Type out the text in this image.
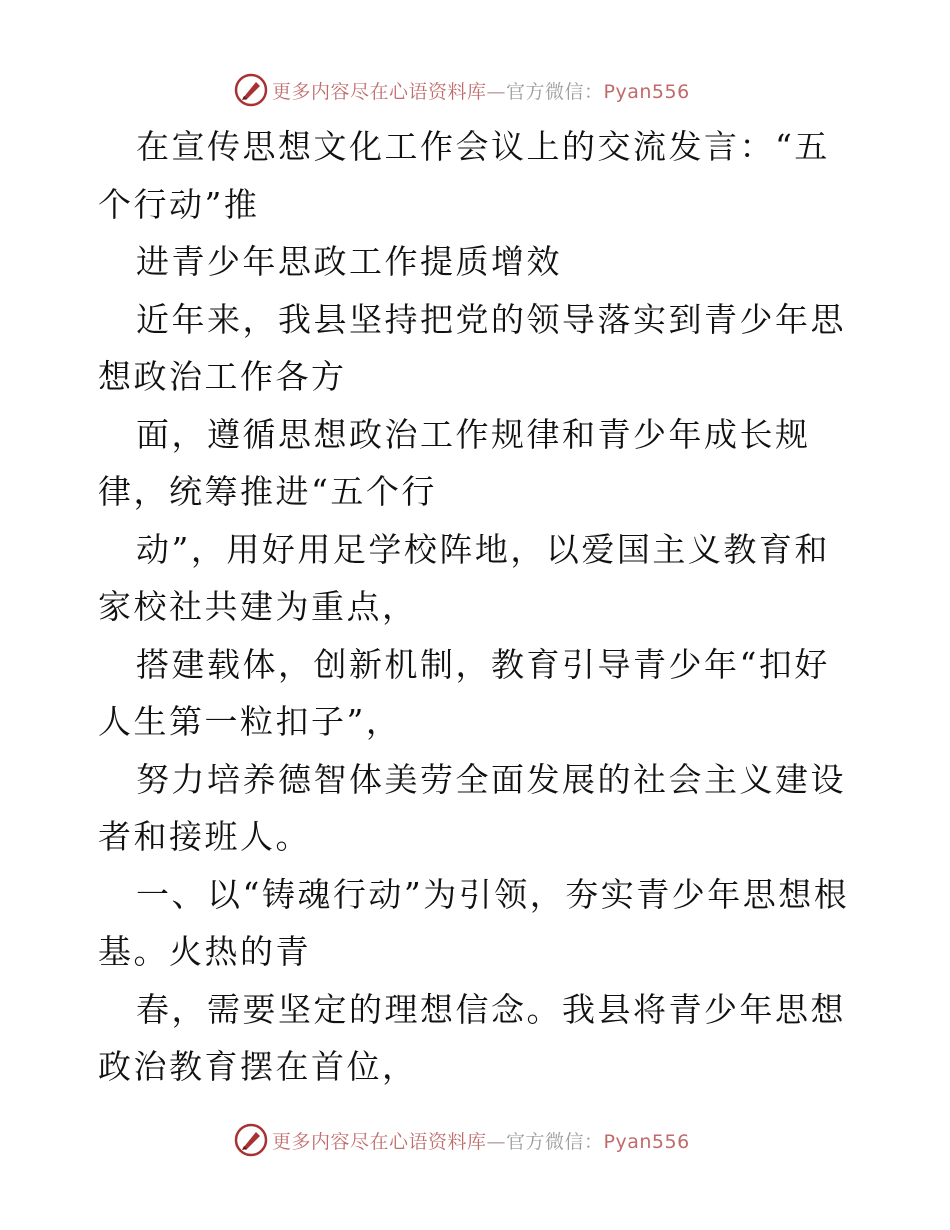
更多内容尽在心语资料库—官方微信：Pyan556

在宣传思想文化工作会议上的交流发言：“五个行动”推

进青少年思政工作提质增效

近年来，我县坚持把党的领导落实到青少年思想政治工作各方

面，遵循思想政治工作规律和青少年成长规律，统筹推进“五个行

动”，用好用足学校阵地，以爱国主义教育和家校社共建为重点，

搭建载体，创新机制，教育引导青少年“扣好人生第一粒扣子”，

努力培养德智体美劳全面发展的社会主义建设者和接班人。

一、以“铸魂行动”为引领，夯实青少年思想根基。火热的青

春，需要坚定的理想信念。我县将青少年思想政治教育摆在首位，

更多内容尽在心语资料库—官方微信：Pyan556
